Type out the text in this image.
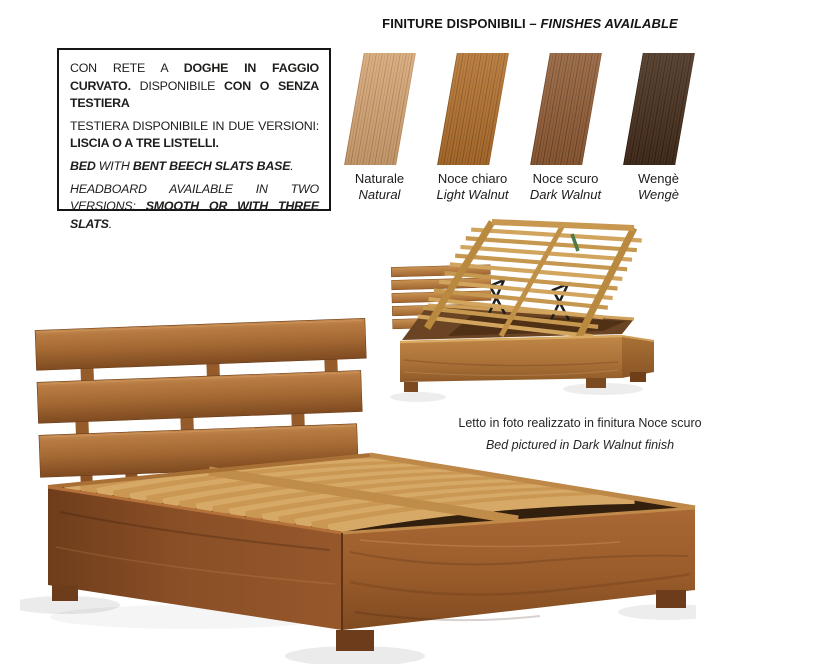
CON RETE A DOGHE IN FAGGIO CURVATO. DISPONIBILE CON O SENZA TESTIERA

TESTIERA DISPONIBILE IN DUE VERSIONI: LISCIA O A TRE LISTELLI.

BED WITH BENT BEECH SLATS BASE.

HEADBOARD AVAILABLE IN TWO VERSIONS: SMOOTH OR WITH THREE SLATS.

FINITURE DISPONIBILI – FINISHES AVAILABLE
Naturale
Natural
Noce chiaro
Light Walnut
Noce scuro
Dark Walnut
Wengè
Wengè
Letto in foto realizzato in finitura Noce scuro
Bed pictured in Dark Walnut finish
